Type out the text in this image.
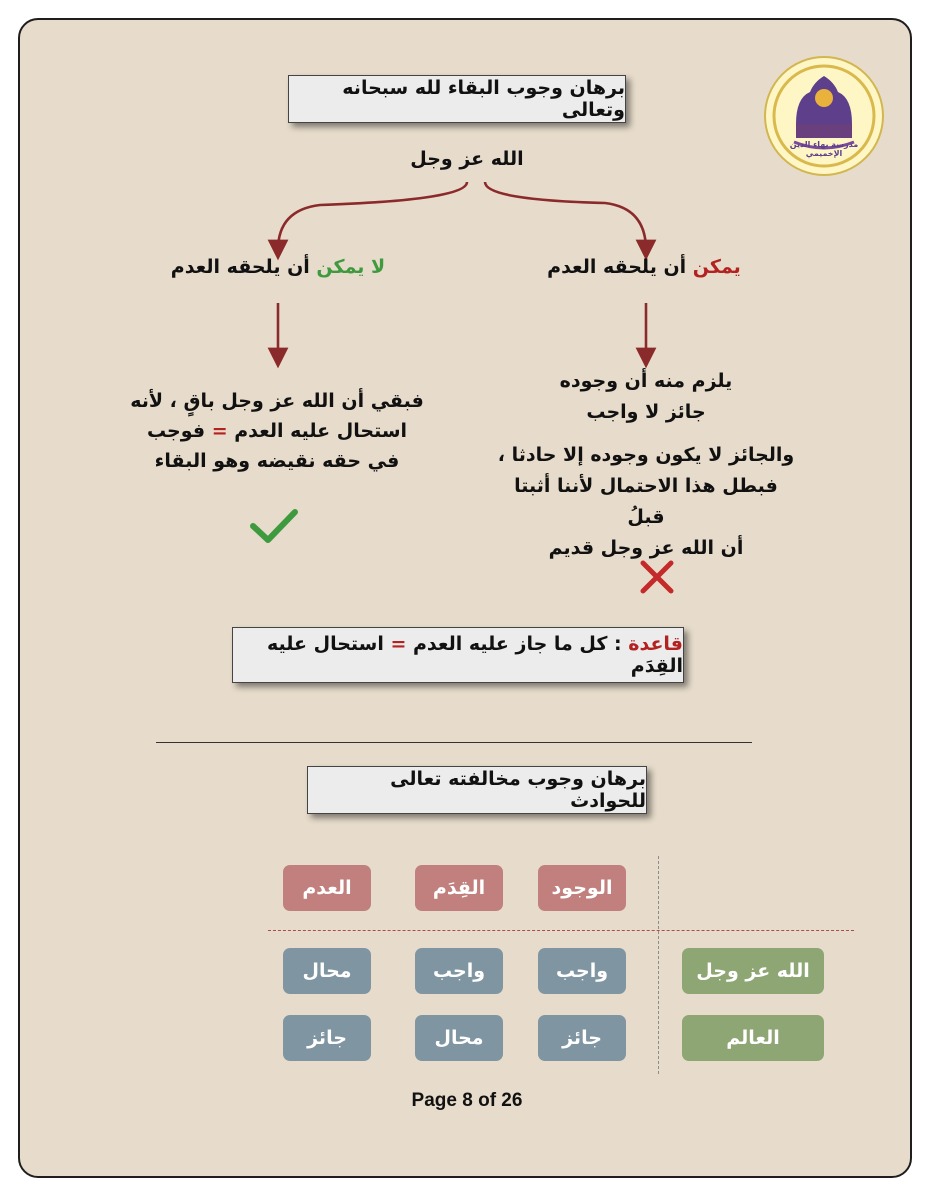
مدرسة بهاء الدين الإخميمي
برهان وجوب البقاء لله سبحانه وتعالى
الله عز وجل
لا يمكن أن يلحقه العدم	يمكن أن يلحقه العدم
فبقي أن الله عز وجل باقٍ ، لأنه
استحال عليه العدم = فوجب
في حقه نقيضه وهو البقاء
يلزم منه أن وجوده
جائز لا واجب
والجائز لا يكون وجوده إلا حادثا ،
فبطل هذا الاحتمال لأننا أثبتا قبلُ
أن الله عز وجل قديم
قاعدة : كل ما جاز عليه العدم = استحال عليه القِدَم
برهان وجوب مخالفته تعالى للحوادث
الوجود
القِدَم
العدم
الله عز وجل
واجب
واجب
محال
العالم
جائز
محال
جائز
Page 8 of 26
